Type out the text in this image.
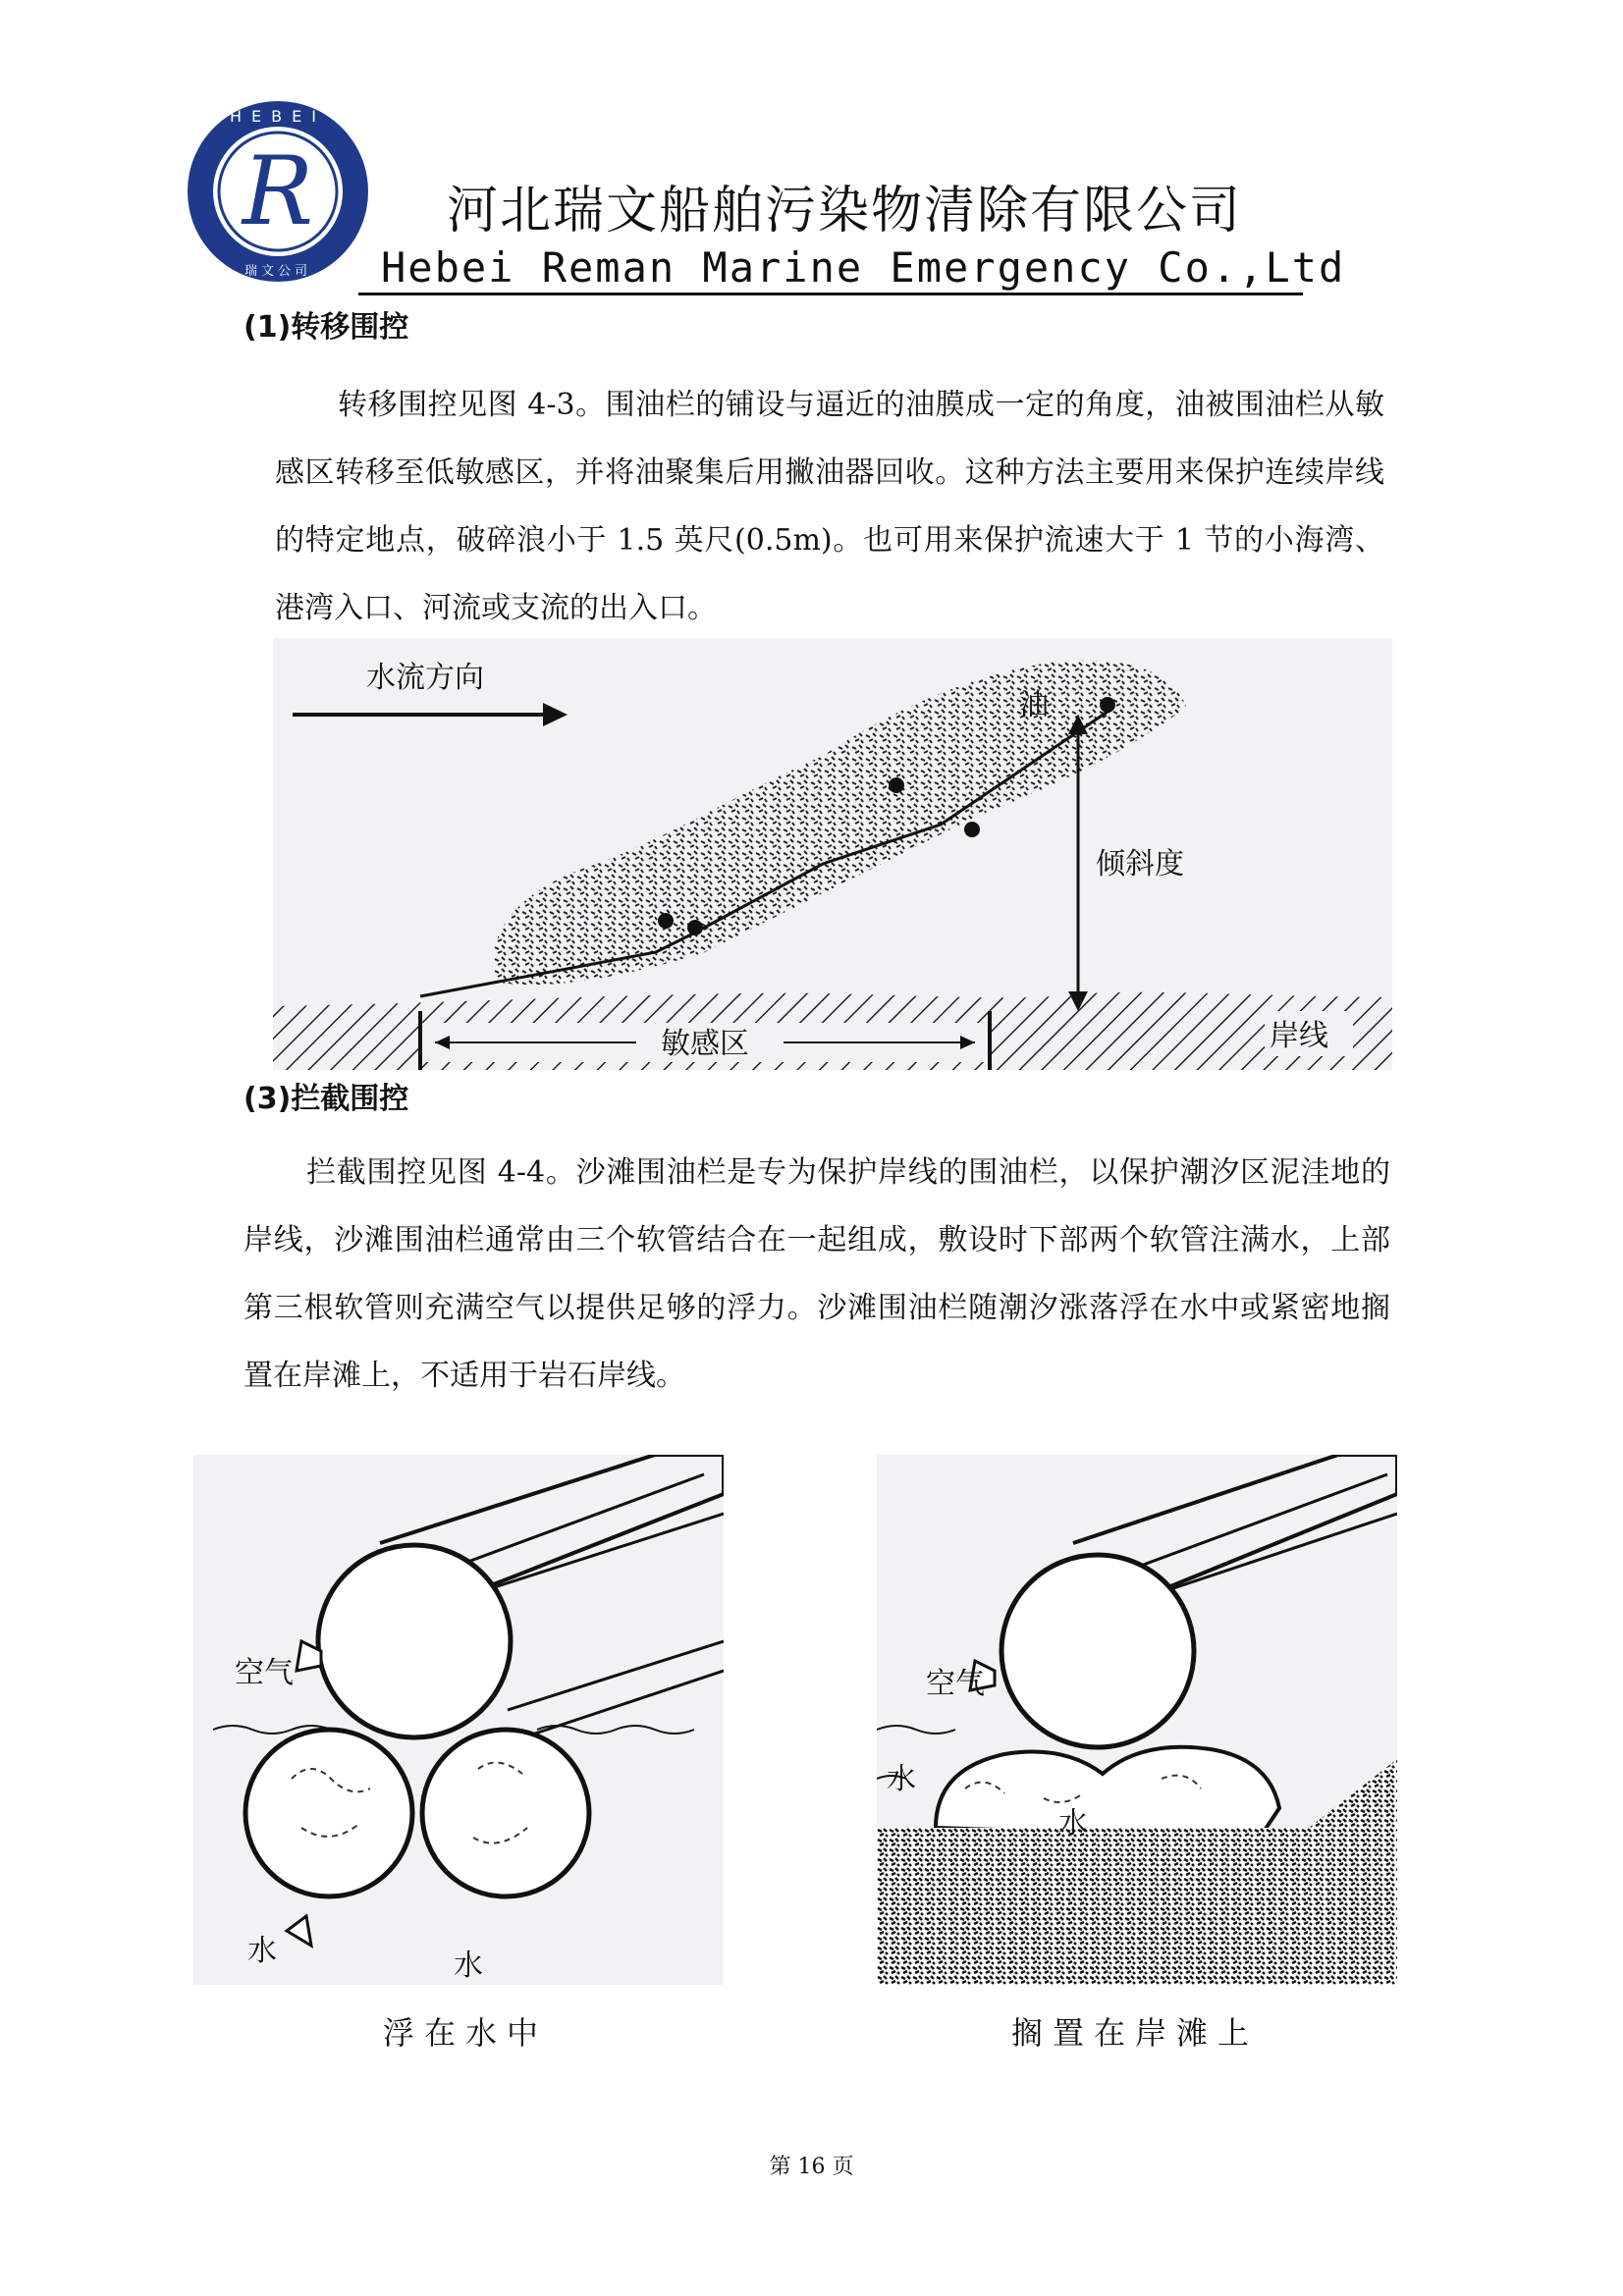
R
HEBEI
瑞文公司
河北瑞文船舶污染物清除有限公司
Hebei Reman Marine Emergency Co.,Ltd
(1)转移围控
转移围控见图 4-3。围油栏的铺设与逼近的油膜成一定的角度，油被围油栏从敏感区转移至低敏感区，并将油聚集后用撇油器回收。这种方法主要用来保护连续岸线的特定地点，破碎浪小于 1.5 英尺(0.5m)。也可用来保护流速大于 1 节的小海湾、港湾入口、河流或支流的出入口。
水流方向
油
倾斜度
敏感区	岸线
(3)拦截围控
拦截围控见图 4-4。沙滩围油栏是专为保护岸线的围油栏，以保护潮汐区泥洼地的岸线，沙滩围油栏通常由三个软管结合在一起组成，敷设时下部两个软管注满水，上部第三根软管则充满空气以提供足够的浮力。沙滩围油栏随潮汐涨落浮在水中或紧密地搁置在岸滩上，不适用于岩石岸线。
空气
水	水
浮在水中
空气
水
水
搁置在岸滩上
第 16 页
